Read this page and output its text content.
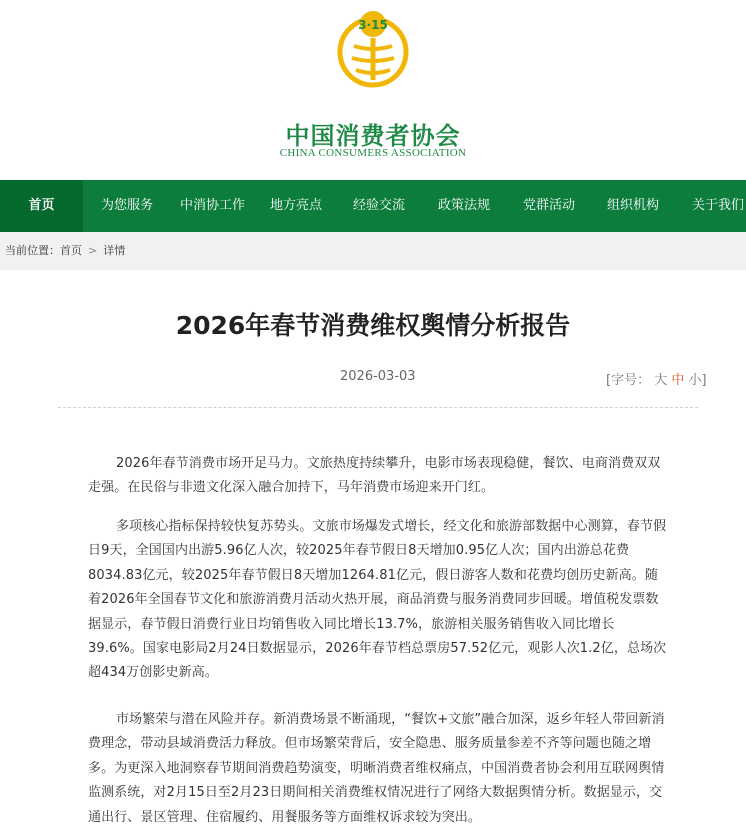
3·15
中国消费者协会
CHINA CONSUMERS ASSOCIATION
首页	为您服务 中消协工作 地方亮点 经验交流	政策法规	党群活动 组织机构	关于我们
当前位置：首页 > 详情
2026年春节消费维权舆情分析报告
2026-03-03	[字号： 大 中 小]

2026年春节消费市场开足马力。文旅热度持续攀升，电影市场表现稳健，餐饮、电商消费双双走强。在民俗与非遗文化深入融合加持下，马年消费市场迎来开门红。

多项核心指标保持较快复苏势头。文旅市场爆发式增长，经文化和旅游部数据中心测算，春节假日9天，全国国内出游5.96亿人次，较2025年春节假日8天增加0.95亿人次；国内出游总花费8034.83亿元，较2025年春节假日8天增加1264.81亿元，假日游客人数和花费均创历史新高。随着2026年全国春节文化和旅游消费月活动火热开展，商品消费与服务消费同步回暖。增值税发票数据显示，春节假日消费行业日均销售收入同比增长13.7%，旅游相关服务销售收入同比增长39.6%。国家电影局2月24日数据显示，2026年春节档总票房57.52亿元，观影人次1.2亿，总场次超434万创影史新高。

市场繁荣与潜在风险并存。新消费场景不断涌现，“餐饮+文旅”融合加深，返乡年轻人带回新消费理念，带动县域消费活力释放。但市场繁荣背后，安全隐患、服务质量参差不齐等问题也随之增多。为更深入地洞察春节期间消费趋势演变，明晰消费者维权痛点，中国消费者协会利用互联网舆情监测系统，对2月15日至2月23日期间相关消费维权情况进行了网络大数据舆情分析。数据显示，交通出行、景区管理、住宿履约、用餐服务等方面维权诉求较为突出。
